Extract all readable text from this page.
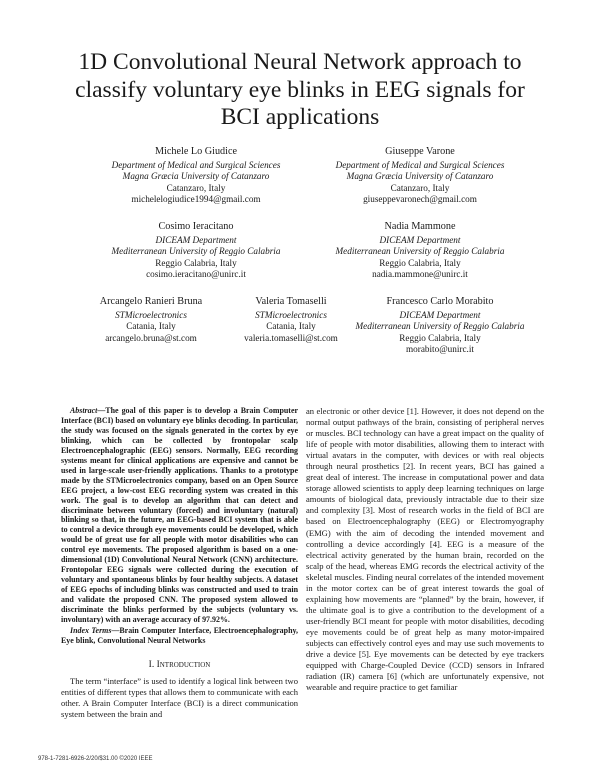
1D Convolutional Neural Network approach to
classify voluntary eye blinks in EEG signals for
BCI applications
Michele Lo Giudice
Department of Medical and Surgical Sciences
Magna Græcia University of Catanzaro
Catanzaro, Italy
michelelogiudice1994@gmail.com
Giuseppe Varone
Department of Medical and Surgical Sciences
Magna Græcia University of Catanzaro
Catanzaro, Italy
giuseppevaronech@gmail.com
Cosimo Ieracitano
DICEAM Department
Mediterranean University of Reggio Calabria
Reggio Calabria, Italy
cosimo.ieracitano@unirc.it
Nadia Mammone
DICEAM Department
Mediterranean University of Reggio Calabria
Reggio Calabria, Italy
nadia.mammone@unirc.it
Arcangelo Ranieri Bruna
STMicroelectronics
Catania, Italy
arcangelo.bruna@st.com
Valeria Tomaselli
STMicroelectronics
Catania, Italy
valeria.tomaselli@st.com
Francesco Carlo Morabito
DICEAM Department
Mediterranean University of Reggio Calabria
Reggio Calabria, Italy
morabito@unirc.it

Abstract—The goal of this paper is to develop a Brain Computer Interface (BCI) based on voluntary eye blinks decoding. In particular, the study was focused on the signals generated in the cortex by eye blinking, which can be collected by frontopolar scalp Electroencephalographic (EEG) sensors. Normally, EEG recording systems meant for clinical applications are expensive and cannot be used in large-scale user-friendly applications. Thanks to a prototype made by the STMicroelectronics company, based on an Open Source EEG project, a low-cost EEG recording system was created in this work. The goal is to develop an algorithm that can detect and discriminate between voluntary (forced) and involuntary (natural) blinking so that, in the future, an EEG-based BCI system that is able to control a device through eye movements could be developed, which would be of great use for all people with motor disabilities who can control eye movements. The proposed algorithm is based on a one-dimensional (1D) Convolutional Neural Network (CNN) architecture. Frontopolar EEG signals were collected during the execution of voluntary and spontaneous blinks by four healthy subjects. A dataset of EEG epochs of including blinks was constructed and used to train and validate the proposed CNN. The proposed system allowed to discriminate the blinks performed by the subjects (voluntary vs. involuntary) with an average accuracy of 97.92%.

Index Terms—Brain Computer Interface, Electroencephalography, Eye blink, Convolutional Neural Networks

I. Introduction

The term “interface” is used to identify a logical link between two entities of different types that allows them to communicate with each other. A Brain Computer Interface (BCI) is a direct communication system between the brain and

an electronic or other device [1]. However, it does not depend on the normal output pathways of the brain, consisting of peripheral nerves or muscles. BCI technology can have a great impact on the quality of life of people with motor disabilities, allowing them to interact with virtual avatars in the computer, with devices or with real objects through neural prosthetics [2]. In recent years, BCI has gained a great deal of interest. The increase in computational power and data storage allowed scientists to apply deep learning techniques on large amounts of biological data, previously intractable due to their size and complexity [3]. Most of research works in the field of BCI are based on Electroencephalography (EEG) or Electromyography (EMG) with the aim of decoding the intended movement and controlling a device accordingly [4]. EEG is a measure of the electrical activity generated by the human brain, recorded on the scalp of the head, whereas EMG records the electrical activity of the skeletal muscles. Finding neural correlates of the intended movement in the motor cortex can be of great interest towards the goal of explaining how movements are “planned” by the brain, however, if the ultimate goal is to give a contribution to the development of a user-friendly BCI meant for people with motor disabilities, decoding eye movements could be of great help as many motor-impaired subjects can effectively control eyes and may use such movements to drive a device [5]. Eye movements can be detected by eye trackers equipped with Charge-Coupled Device (CCD) sensors in Infrared radiation (IR) camera [6] (which are unfortunately expensive, not wearable and require practice to get familiar

978-1-7281-6926-2/20/$31.00 ©2020 IEEE
